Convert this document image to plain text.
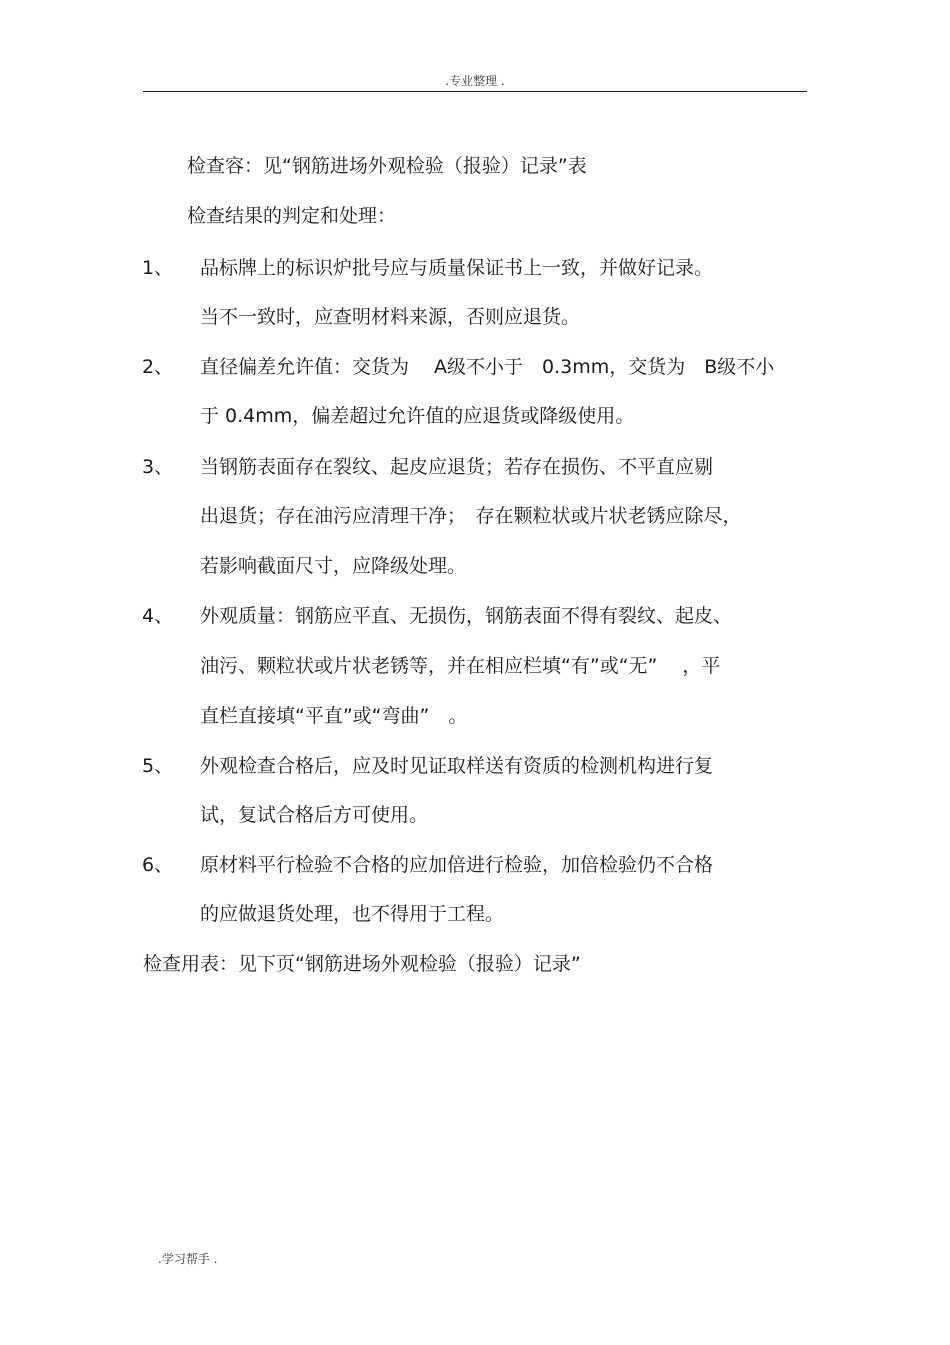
.专业整理 .
检查容：见“钢筋进场外观检验（报验）记录”表
检查结果的判定和处理：
1、 品标牌上的标识炉批号应与质量保证书上一致，并做好记录。
当不一致时，应查明材料来源，否则应退货。
2、 直径偏差允许值：交货为　 A级不小于　0.3mm，交货为　B级不小
于 0.4mm，偏差超过允许值的应退货或降级使用。
3、 当钢筋表面存在裂纹、起皮应退货；若存在损伤、不平直应剔
出退货；存在油污应清理干净；　存在颗粒状或片状老锈应除尽，
若影响截面尺寸，应降级处理。
4、 外观质量：钢筋应平直、无损伤，钢筋表面不得有裂纹、起皮、
油污、颗粒状或片状老锈等，并在相应栏填“有”或“无”　 ，平
直栏直接填“平直”或“弯曲”　。
5、 外观检查合格后，应及时见证取样送有资质的检测机构进行复
试，复试合格后方可使用。
6、 原材料平行检验不合格的应加倍进行检验，加倍检验仍不合格
的应做退货处理，也不得用于工程。
检查用表：见下页“钢筋进场外观检验（报验）记录”
.学习帮手 .
